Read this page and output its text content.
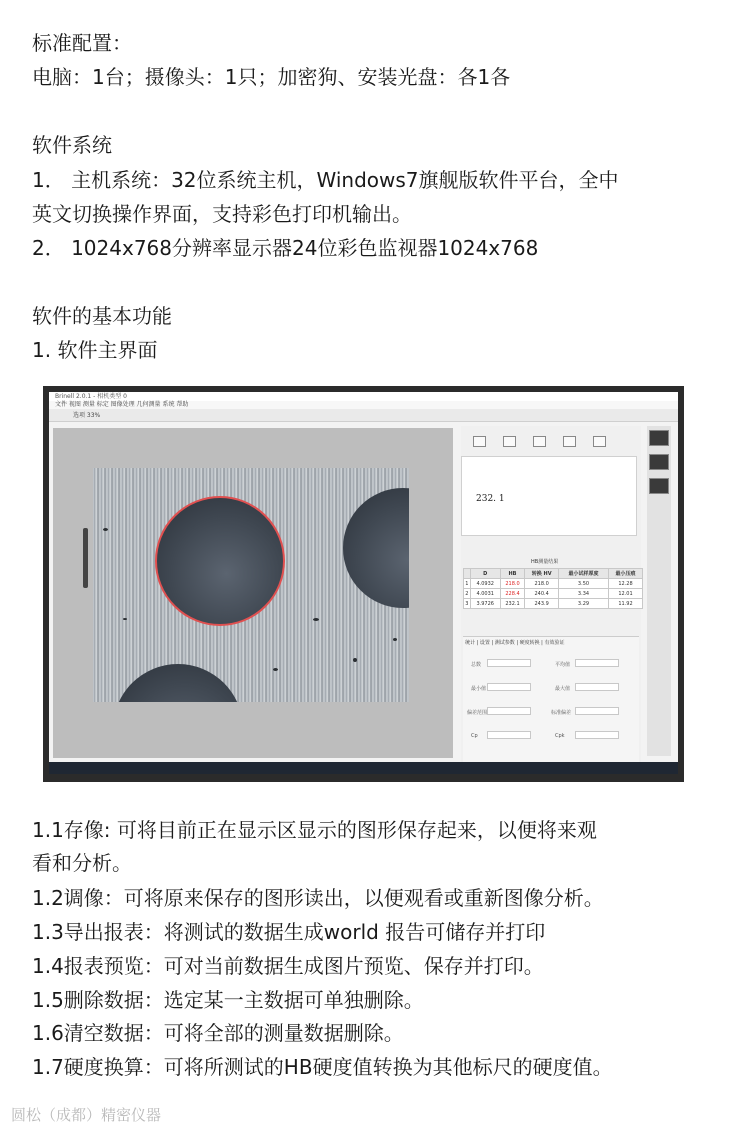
标准配置：
电脑：1台；摄像头：1只；加密狗、安装光盘：各1各
软件系统
1． 主机系统：32位系统主机，Windows7旗舰版软件平台，全中
英文切换操作界面，支持彩色打印机输出。
2． 1024x768分辨率显示器24位彩色监视器1024x768
软件的基本功能
1. 软件主界面
Brinell 2.0.1 - 相机类型 0
文件 视图 测量 标定 图像处理 几何测量 系统 帮助
选项 33%
232. 1
HB测量结果
	D	HB	转换 HV	最小试样厚度	最小压痕
1	4.0932	218.0	218.0	3.50	12.28
2	4.0031	228.4	240.4	3.34	12.01
3	3.9726	232.1	243.9	3.29	11.92
统计 | 设置 | 测试参数 | 硬度转换 | 有效验证
总数	平均值
最小值	最大值
偏差范围	标准偏差
Cp	Cpk
1.1存像: 可将目前正在显示区显示的图形保存起来，以便将来观
看和分析。
1.2调像：可将原来保存的图形读出，以便观看或重新图像分析。
1.3导出报表：将测试的数据生成world 报告可储存并打印
1.4报表预览：可对当前数据生成图片预览、保存并打印。
1.5删除数据：选定某一主数据可单独删除。
1.6清空数据：可将全部的测量数据删除。
1.7硬度换算：可将所测试的HB硬度值转换为其他标尺的硬度值。
圆松（成都）精密仪器
